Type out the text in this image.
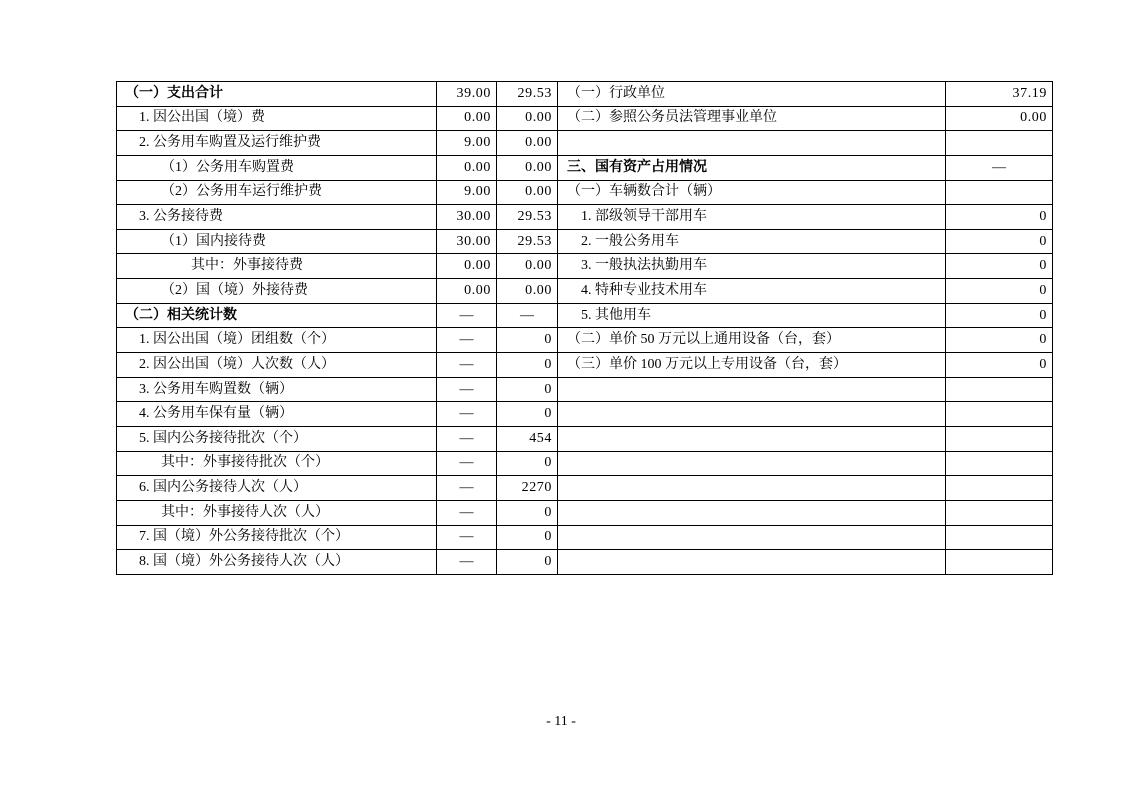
（一）支出合计	39.00	29.53	（一）行政单位	37.19
1. 因公出国（境）费	0.00	0.00	（二）参照公务员法管理事业单位	0.00
2. 公务用车购置及运行维护费	9.00	0.00		
（1）公务用车购置费	0.00	0.00	三、国有资产占用情况	—
（2）公务用车运行维护费	9.00	0.00	（一）车辆数合计（辆）	
3. 公务接待费	30.00	29.53	1. 部级领导干部用车	0
（1）国内接待费	30.00	29.53	2. 一般公务用车	0
其中：外事接待费	0.00	0.00	3. 一般执法执勤用车	0
（2）国（境）外接待费	0.00	0.00	4. 特种专业技术用车	0
（二）相关统计数	—	—	5. 其他用车	0
1. 因公出国（境）团组数（个）	—	0	（二）单价 50 万元以上通用设备（台，套）	0
2. 因公出国（境）人次数（人）	—	0	（三）单价 100 万元以上专用设备（台，套）	0
3. 公务用车购置数（辆）	—	0		
4. 公务用车保有量（辆）	—	0		
5. 国内公务接待批次（个）	—	454		
其中：外事接待批次（个）	—	0		
6. 国内公务接待人次（人）	—	2270		
其中：外事接待人次（人）	—	0		
7. 国（境）外公务接待批次（个）	—	0		
8. 国（境）外公务接待人次（人）	—	0		
- 11 -
